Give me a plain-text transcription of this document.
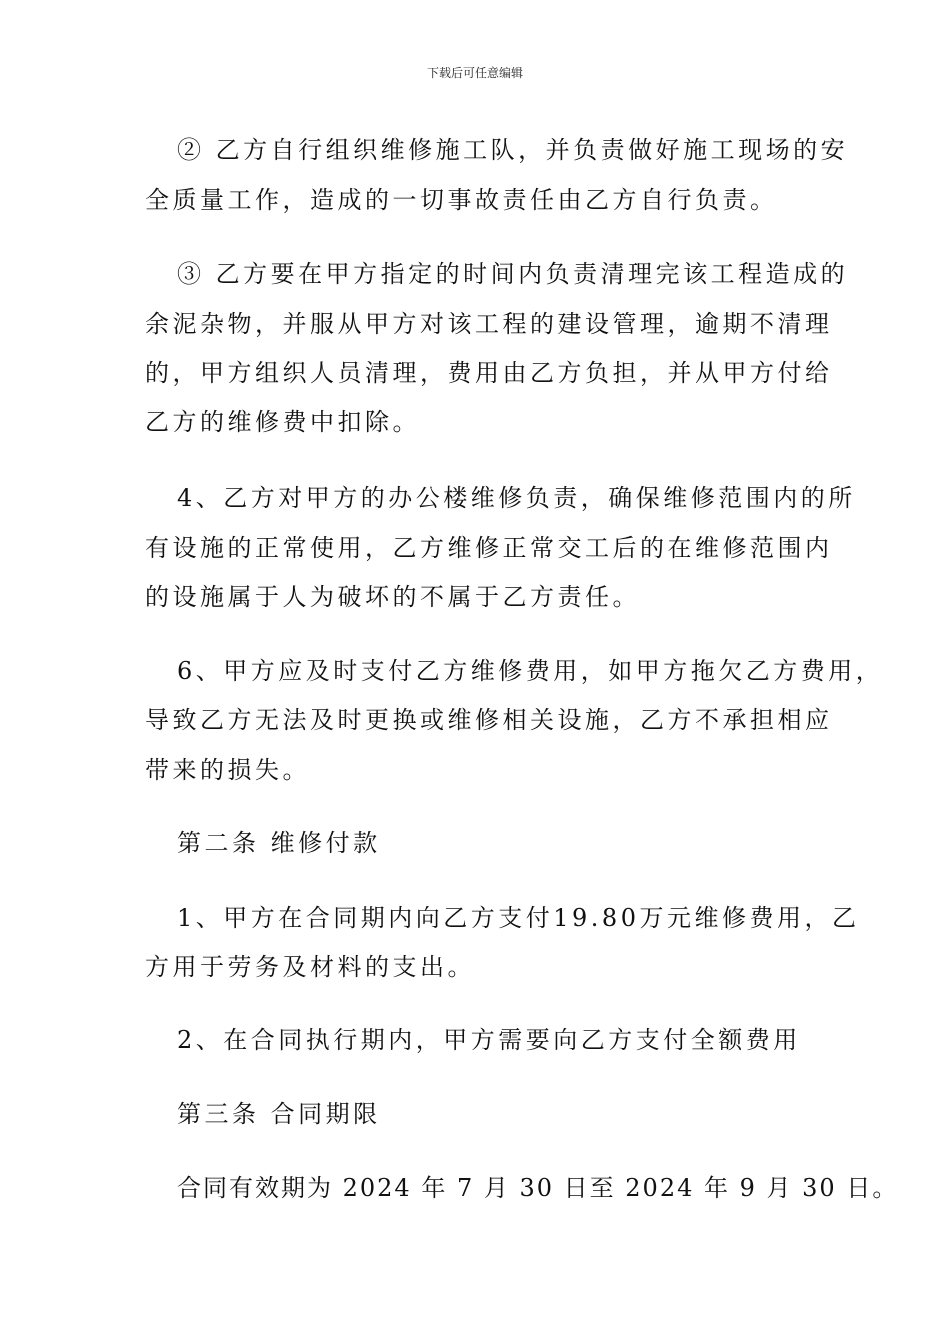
下载后可任意编辑
② 乙方自行组织维修施工队，并负责做好施工现场的安
全质量工作，造成的一切事故责任由乙方自行负责。
③ 乙方要在甲方指定的时间内负责清理完该工程造成的
余泥杂物，并服从甲方对该工程的建设管理，逾期不清理
的，甲方组织人员清理，费用由乙方负担，并从甲方付给
乙方的维修费中扣除。
4、乙方对甲方的办公楼维修负责，确保维修范围内的所
有设施的正常使用，乙方维修正常交工后的在维修范围内
的设施属于人为破坏的不属于乙方责任。
6、甲方应及时支付乙方维修费用，如甲方拖欠乙方费用，
导致乙方无法及时更换或维修相关设施，乙方不承担相应
带来的损失。
第二条 维修付款
1、甲方在合同期内向乙方支付19.80万元维修费用，乙
方用于劳务及材料的支出。
2、在合同执行期内，甲方需要向乙方支付全额费用
第三条 合同期限
合同有效期为 2024 年 7 月 30 日至 2024 年 9 月 30 日。
